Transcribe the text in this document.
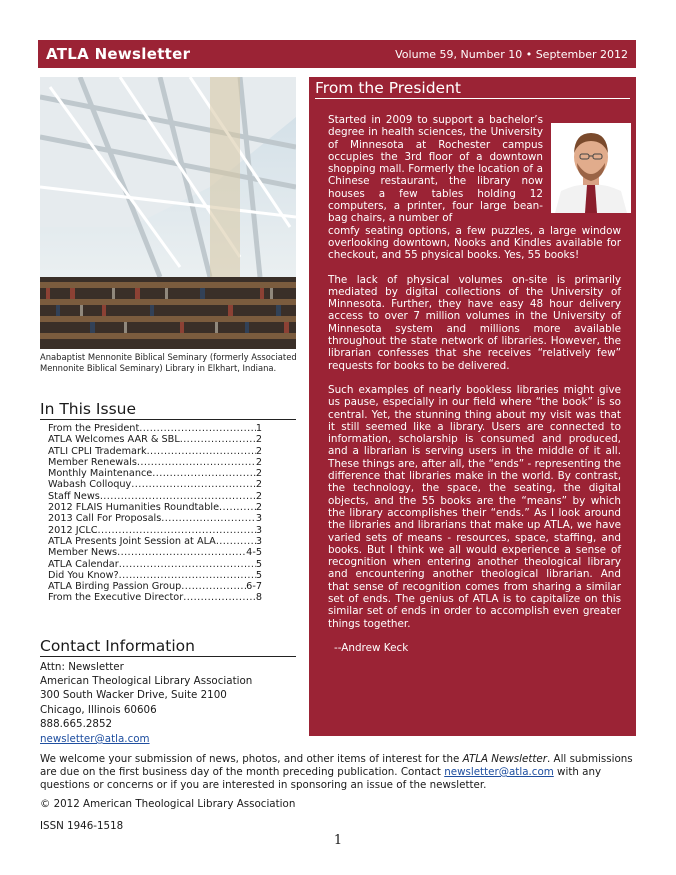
ATLA Newsletter	Volume 59, Number 10 • September 2012
Anabaptist Mennonite Biblical Seminary (formerly Associated Mennonite Biblical Seminary) Library in Elkhart, Indiana.
In This Issue
From the President .....	1
ATLA Welcomes AAR & SBL .....	2
ATLI CPLI Trademark .....	2
Member Renewals .....	2
Monthly Maintenance .....	2
Wabash Colloquy .....	2
Staff News .....	2
2012 FLAIS Humanities Roundtable .....	2
2013 Call For Proposals .....	3
2012 JCLC .....	3
ATLA Presents Joint Session at ALA .....	3
Member News .....	4-5
ATLA Calendar .....	5
Did You Know? .....	5
ATLA Birding Passion Group .....	6-7
From the Executive Director .....	8
Contact Information
Attn: Newsletter
American Theological Library Association
300 South Wacker Drive, Suite 2100
Chicago, Illinois 60606
888.665.2852
newsletter@atla.com
From the President

Started in 2009 to support a bachelor’s degree in health sciences, the University of Minnesota at Rochester campus occupies the 3rd floor of a downtown shopping mall. Formerly the location of a Chinese restaurant, the library now houses a few tables holding 12 computers, a printer, four large bean-bag chairs, a number of
comfy seating options, a few puzzles, a large window overlooking downtown, Nooks and Kindles available for checkout, and 55 physical books. Yes, 55 books!

The lack of physical volumes on-site is primarily mediated by digital collections of the University of Minnesota. Further, they have easy 48 hour delivery access to over 7 million volumes in the University of Minnesota system and millions more available throughout the state network of libraries. However, the librarian confesses that she receives “relatively few” requests for books to be delivered.

Such examples of nearly bookless libraries might give us pause, especially in our field where “the book” is so central. Yet, the stunning thing about my visit was that it still seemed like a library. Users are connected to information, scholarship is consumed and produced, and a librarian is serving users in the middle of it all. These things are, after all, the “ends” - representing the difference that libraries make in the world. By contrast, the technology, the space, the seating, the digital objects, and the 55 books are the “means” by which the library accomplishes their “ends.” As I look around the libraries and librarians that make up ATLA, we have varied sets of means - resources, space, staffing, and books. But I think we all would experience a sense of recognition when entering another theological library and encountering another theological librarian. And that sense of recognition comes from sharing a similar set of ends. The genius of ATLA is to capitalize on this similar set of ends in order to accomplish even greater things together.

--Andrew Keck
We welcome your submission of news, photos, and other items of interest for the ATLA Newsletter. All submissions are due on the first business day of the month preceding publication. Contact newsletter@atla.com with any questions or concerns or if you are interested in sponsoring an issue of the newsletter.
© 2012 American Theological Library Association
ISSN 1946-1518
1
